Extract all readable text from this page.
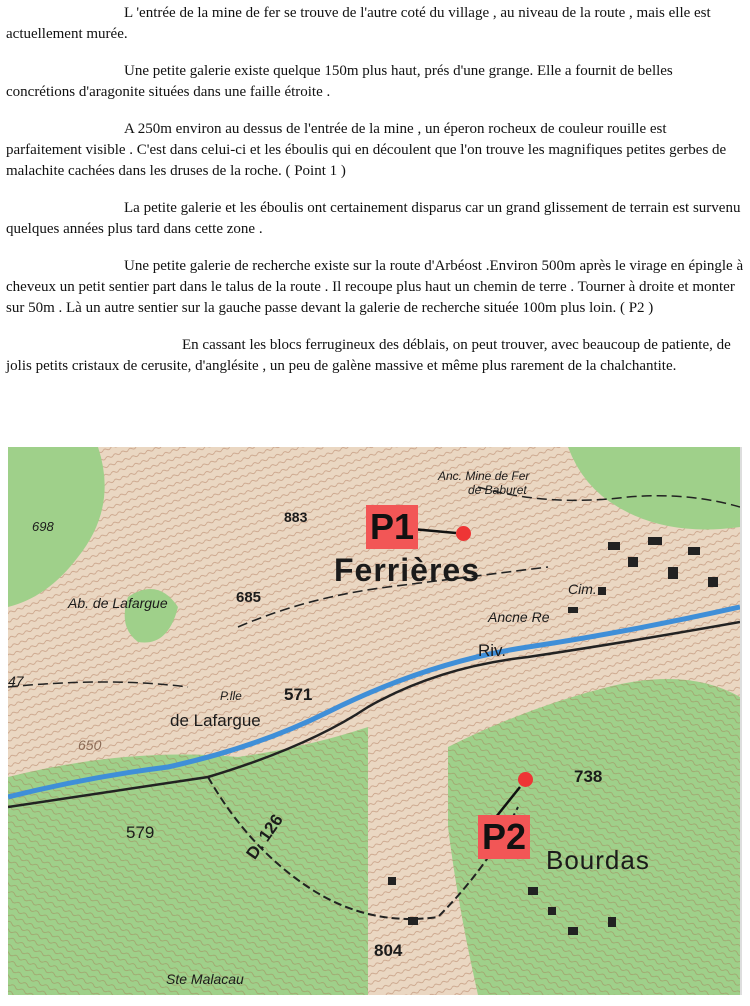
L 'entrée de la mine de fer se trouve de l'autre coté du village , au niveau de la route , mais elle est actuellement murée.

Une petite galerie existe quelque 150m plus haut, prés d'une grange. Elle a fournit de belles concrétions d'aragonite situées dans une faille étroite .

A 250m environ au dessus de l'entrée de la mine , un éperon rocheux de couleur rouille est parfaitement visible . C'est dans celui-ci et les éboulis qui en découlent que l'on trouve les magnifiques petites gerbes de malachite cachées dans les druses de la roche. ( Point 1 )

La petite galerie et les éboulis ont certainement disparus car un grand glissement de terrain est survenu quelques années plus tard dans cette zone .

Une petite galerie de recherche existe sur la route d'Arbéost .Environ 500m après le virage en épingle à cheveux un petit sentier part dans le talus de la route . Il recoupe plus haut un chemin de terre . Tourner à droite et monter sur 50m . Là un autre sentier sur la gauche passe devant la galerie de recherche située 100m plus loin. ( P2 )

En cassant les blocs ferrugineux des déblais, on peut trouver, avec beaucoup de patiente, de jolis petits cristaux de cerusite, d'anglésite , un peu de galène massive et même plus rarement de la chalchantite.

Ferrières
Anc. Mine de Fer
de Baburet
883
698
Ab. de Lafargue	685	Cim.
Ancne Re
Riv.
571
P.lle
de Lafargue
650
D. 126
579
738
Bourdas
804
Ste Malacau
47
P1
P2
